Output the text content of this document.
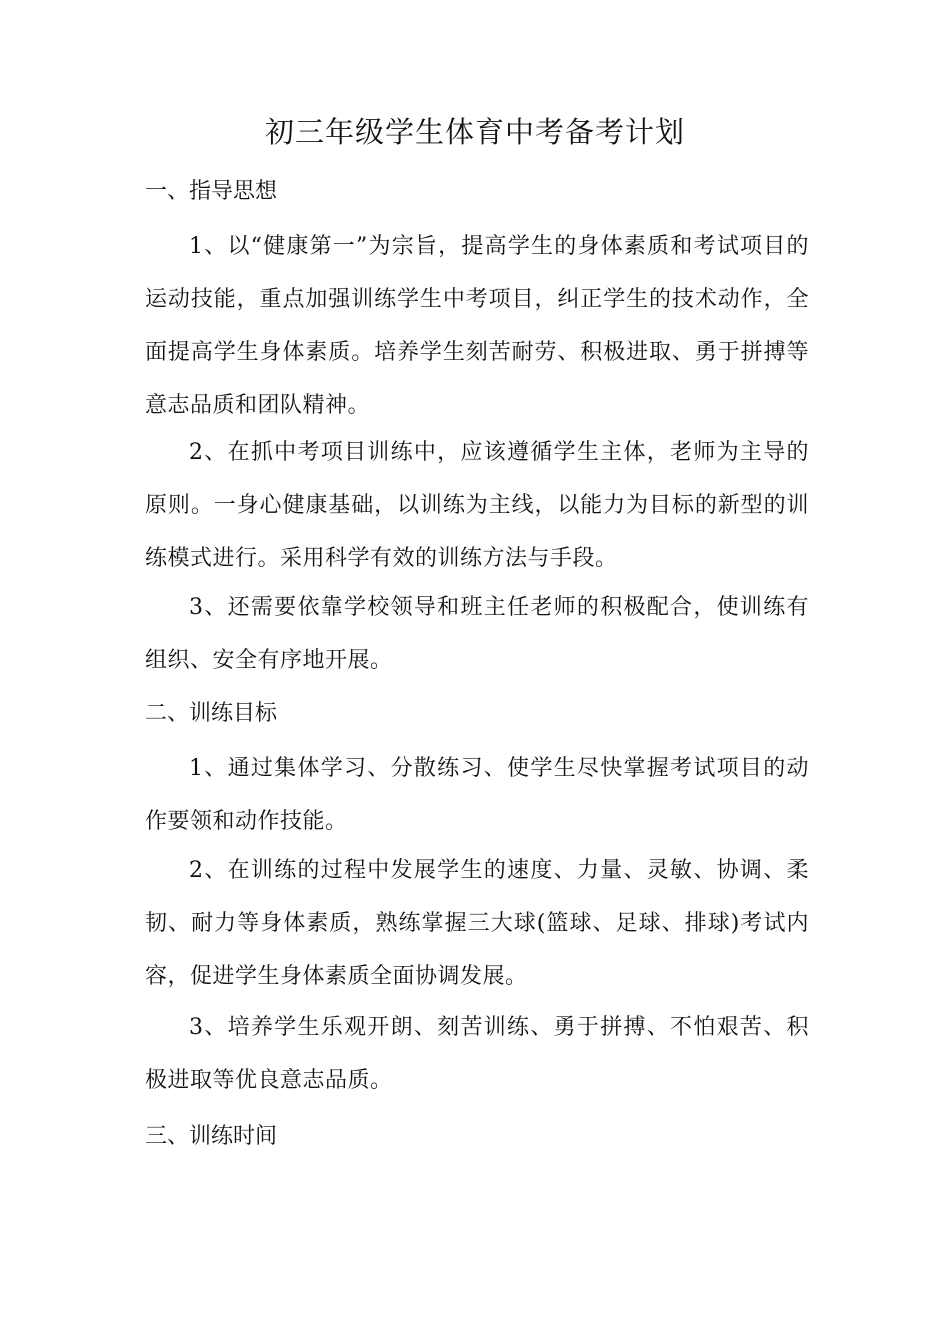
初三年级学生体育中考备考计划
一、指导思想

1、以“健康第一”为宗旨，提高学生的身体素质和考试项目的运动技能，重点加强训练学生中考项目，纠正学生的技术动作，全面提高学生身体素质。培养学生刻苦耐劳、积极进取、勇于拼搏等意志品质和团队精神。

2、在抓中考项目训练中，应该遵循学生主体，老师为主导的原则。一身心健康基础，以训练为主线，以能力为目标的新型的训练模式进行。采用科学有效的训练方法与手段。

3、还需要依靠学校领导和班主任老师的积极配合，使训练有组织、安全有序地开展。

二、训练目标

1、通过集体学习、分散练习、使学生尽快掌握考试项目的动作要领和动作技能。

2、在训练的过程中发展学生的速度、力量、灵敏、协调、柔韧、耐力等身体素质，熟练掌握三大球(篮球、足球、排球)考试内容，促进学生身体素质全面协调发展。

3、培养学生乐观开朗、刻苦训练、勇于拼搏、不怕艰苦、积极进取等优良意志品质。

三、训练时间
